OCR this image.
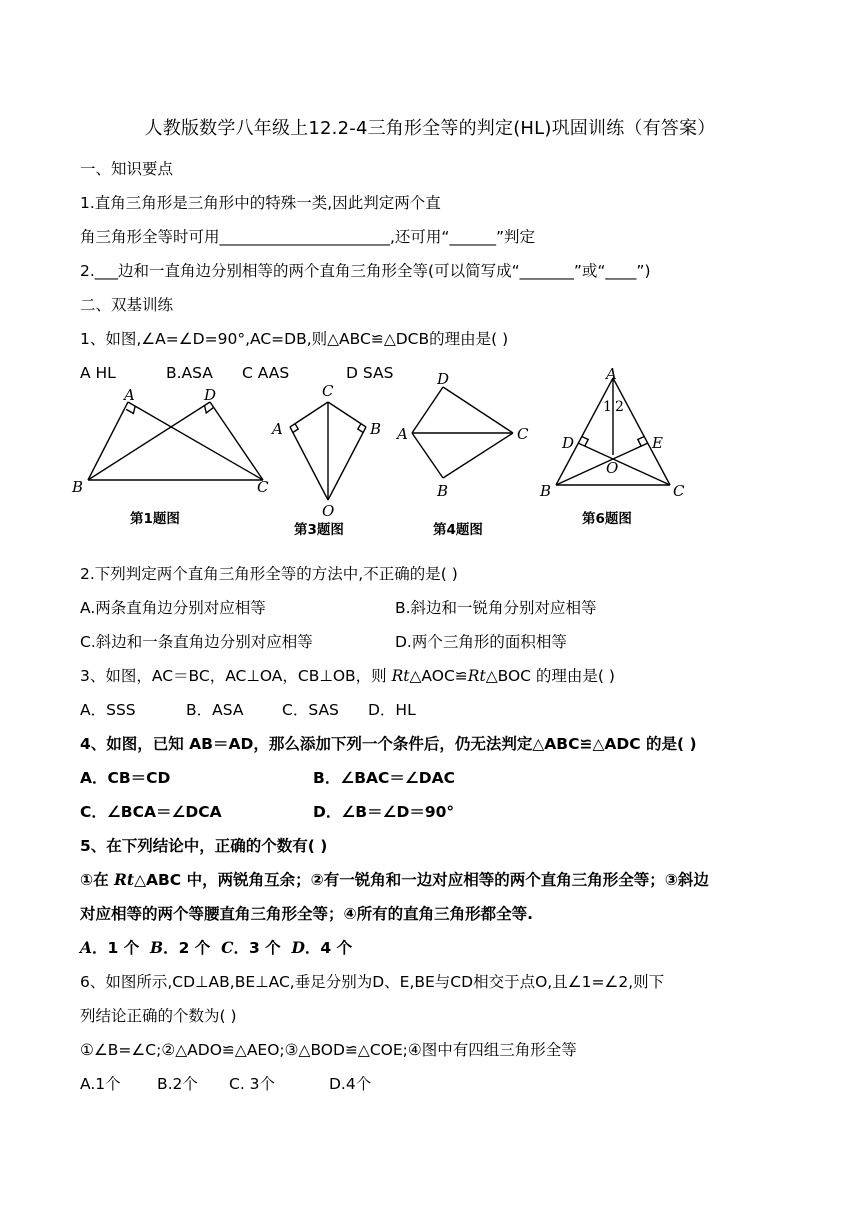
人教版数学八年级上12.2-4三角形全等的判定(HL)巩固训练（有答案）
一、知识要点
1.直角三角形是三角形中的特殊一类,因此判定两个直
角三角形全等时可用______________________,还可用“______”判定
2.___边和一直角边分别相等的两个直角三角形全等(可以简写成“_______”或“____”)
二、双基训练
1、如图,∠A=∠D=90°,AC=DB,则△ABC≌△DCB的理由是( )
A HL	B.ASA C AAS	D SAS
A	D
B	C
C
A	B
O
D
A	C
B
A
1 2
D	E
O
B	C
第1题图
第3题图	第4题图
第6题图
2.下列判定两个直角三角形全等的方法中,不正确的是( )
A.两条直角边分别对应相等	B.斜边和一锐角分别对应相等
C.斜边和一条直角边分别对应相等	D.两个三角形的面积相等
3、如图，AC＝BC，AC⊥OA，CB⊥OB，则 Rt△AOC≌Rt△BOC 的理由是( )
A．SSS	B．ASA C．SAS D．HL
4、如图，已知 AB＝AD，那么添加下列一个条件后，仍无法判定△ABC≌△ADC 的是( )
A．CB＝CD	B．∠BAC＝∠DAC
C．∠BCA＝∠DCA	D．∠B＝∠D＝90°
5、在下列结论中，正确的个数有( )
①在 Rt△ABC 中，两锐角互余；②有一锐角和一边对应相等的两个直角三角形全等；③斜边
对应相等的两个等腰直角三角形全等；④所有的直角三角形都全等.
A．1 个 B．2 个 C．3 个 D．4 个
6、如图所示,CD⊥AB,BE⊥AC,垂足分别为D、E,BE与CD相交于点O,且∠1=∠2,则下
列结论正确的个数为( )
①∠B=∠C;②△ADO≌△AEO;③△BOD≌△COE;④图中有四组三角形全等
A.1个 B.2个 C. 3个	D.4个
